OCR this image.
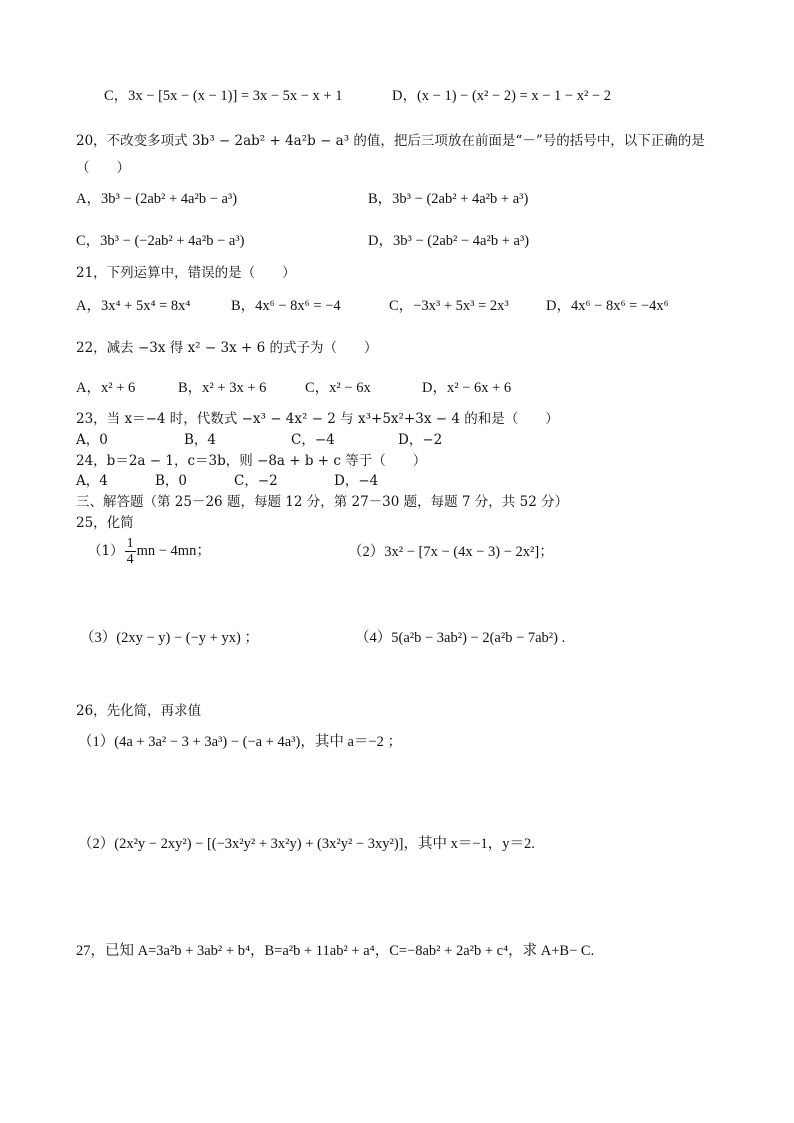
C，3x − [5x − (x − 1)] = 3x − 5x − x + 1	D，(x − 1) − (x² − 2) = x − 1 − x² − 2
20，不改变多项式 3b³ − 2ab² + 4a²b − a³ 的值，把后三项放在前面是“－”号的括号中，以下正确的是
（　　）
A，3b³ − (2ab² + 4a²b − a³)	B，3b³ − (2ab² + 4a²b + a³)
C，3b³ − (−2ab² + 4a²b − a³)	D，3b³ − (2ab² − 4a²b + a³)
21，下列运算中，错误的是（　　）
A，3x⁴ + 5x⁴ = 8x⁴	B，4x⁶ − 8x⁶ = −4	C，−3x³ + 5x³ = 2x³	D，4x⁶ − 8x⁶ = −4x⁶
22，减去 −3x 得 x² − 3x + 6 的式子为（　　）
A，x² + 6	B，x² + 3x + 6	C，x² − 6x	D，x² − 6x + 6
23，当 x＝−4 时，代数式 −x³ − 4x² − 2 与 x³+5x²+3x − 4 的和是（　　）
A，0	B，4	C，−4	D，−2
24，b＝2a − 1，c＝3b，则 −8a + b + c 等于（　　）
A，4	B，0	C，−2	D，−4
三、解答题（第 25－26 题，每题 12 分，第 27－30 题，每题 7 分，共 52 分）
25，化简
$(1) \frac{1}{4}$ mn − 4mn；	（2）3x² − [7x − (4x − 3) − 2x²]；
（3）(2xy − y) − (−y + yx) ；	（4）5(a²b − 3ab²) − 2(a²b − 7ab²) .
26，先化简，再求值
（1）(4a + 3a² − 3 + 3a³) − (−a + 4a³)，其中 a＝−2 ；
（2）(2x²y − 2xy²) − [(−3x²y² + 3x²y) + (3x²y² − 3xy²)]，其中 x＝−1，y＝2.
27，已知 A=3a²b + 3ab² + b⁴，B=a²b + 11ab² + a⁴，C=−8ab² + 2a²b + c⁴，求 A+B− C.
